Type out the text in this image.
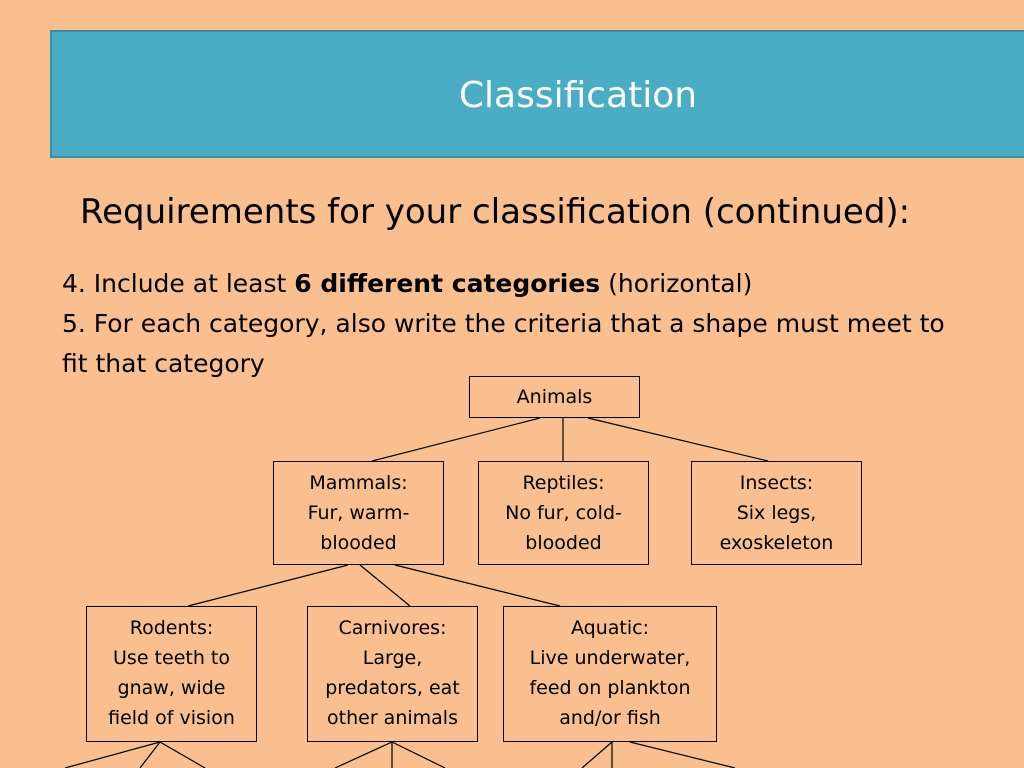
Classification
Requirements for your classification (continued):

4. Include at least 6 different categories (horizontal)

5. For each category, also write the criteria that a shape must meet to fit that category

Animals
Mammals:
Fur, warm-
blooded
Reptiles:
No fur, cold-
blooded
Insects:
Six legs,
exoskeleton
Rodents:
Use teeth to
gnaw, wide
field of vision
Carnivores:
Large,
predators, eat
other animals
Aquatic:
Live underwater,
feed on plankton
and/or fish
